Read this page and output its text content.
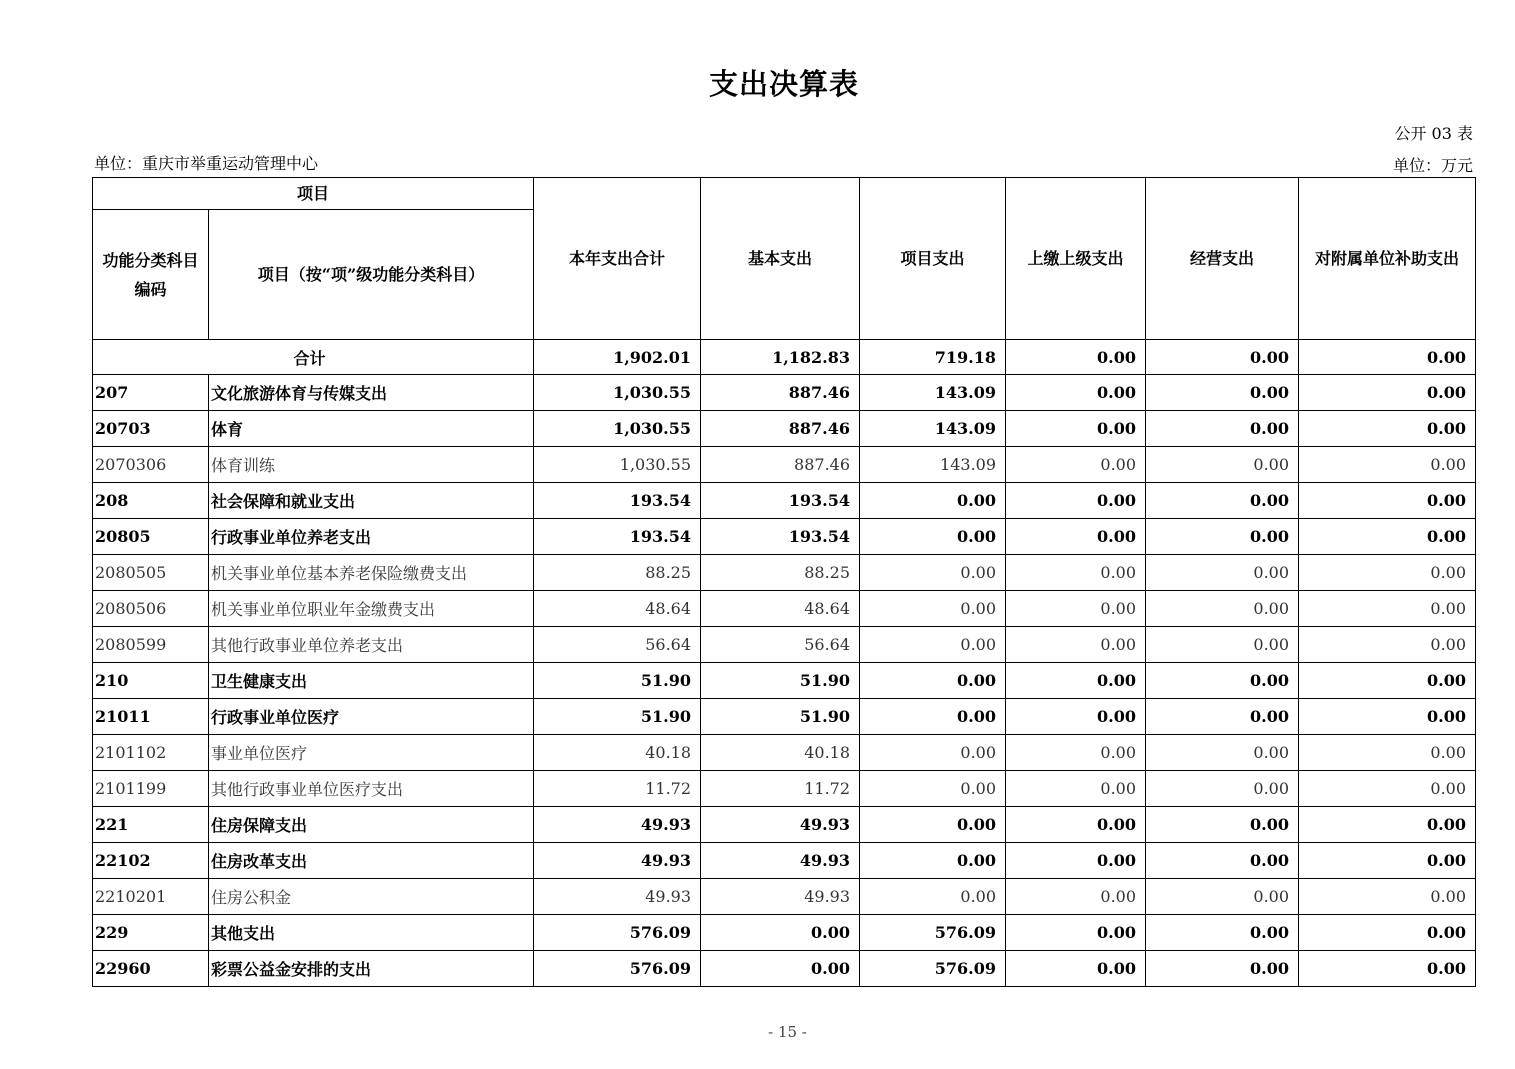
支出决算表
公开 03 表
单位：重庆市举重运动管理中心	单位：万元
项目		本年支出合计	基本支出	项目支出	上缴上级支出	经营支出	对附属单位补助支出
功能分类科目编码	项目（按“项”级功能分类科目）						
合计		1,902.01	1,182.83	719.18	0.00	0.00	0.00
207	文化旅游体育与传媒支出	1,030.55	887.46	143.09	0.00	0.00	0.00
20703	体育	1,030.55	887.46	143.09	0.00	0.00	0.00
2070306	体育训练	1,030.55	887.46	143.09	0.00	0.00	0.00
208	社会保障和就业支出	193.54	193.54	0.00	0.00	0.00	0.00
20805	行政事业单位养老支出	193.54	193.54	0.00	0.00	0.00	0.00
2080505	机关事业单位基本养老保险缴费支出	88.25	88.25	0.00	0.00	0.00	0.00
2080506	机关事业单位职业年金缴费支出	48.64	48.64	0.00	0.00	0.00	0.00
2080599	其他行政事业单位养老支出	56.64	56.64	0.00	0.00	0.00	0.00
210	卫生健康支出	51.90	51.90	0.00	0.00	0.00	0.00
21011	行政事业单位医疗	51.90	51.90	0.00	0.00	0.00	0.00
2101102	事业单位医疗	40.18	40.18	0.00	0.00	0.00	0.00
2101199	其他行政事业单位医疗支出	11.72	11.72	0.00	0.00	0.00	0.00
221	住房保障支出	49.93	49.93	0.00	0.00	0.00	0.00
22102	住房改革支出	49.93	49.93	0.00	0.00	0.00	0.00
2210201	住房公积金	49.93	49.93	0.00	0.00	0.00	0.00
229	其他支出	576.09	0.00	576.09	0.00	0.00	0.00
22960	彩票公益金安排的支出	576.09	0.00	576.09	0.00	0.00	0.00
- 15 -
